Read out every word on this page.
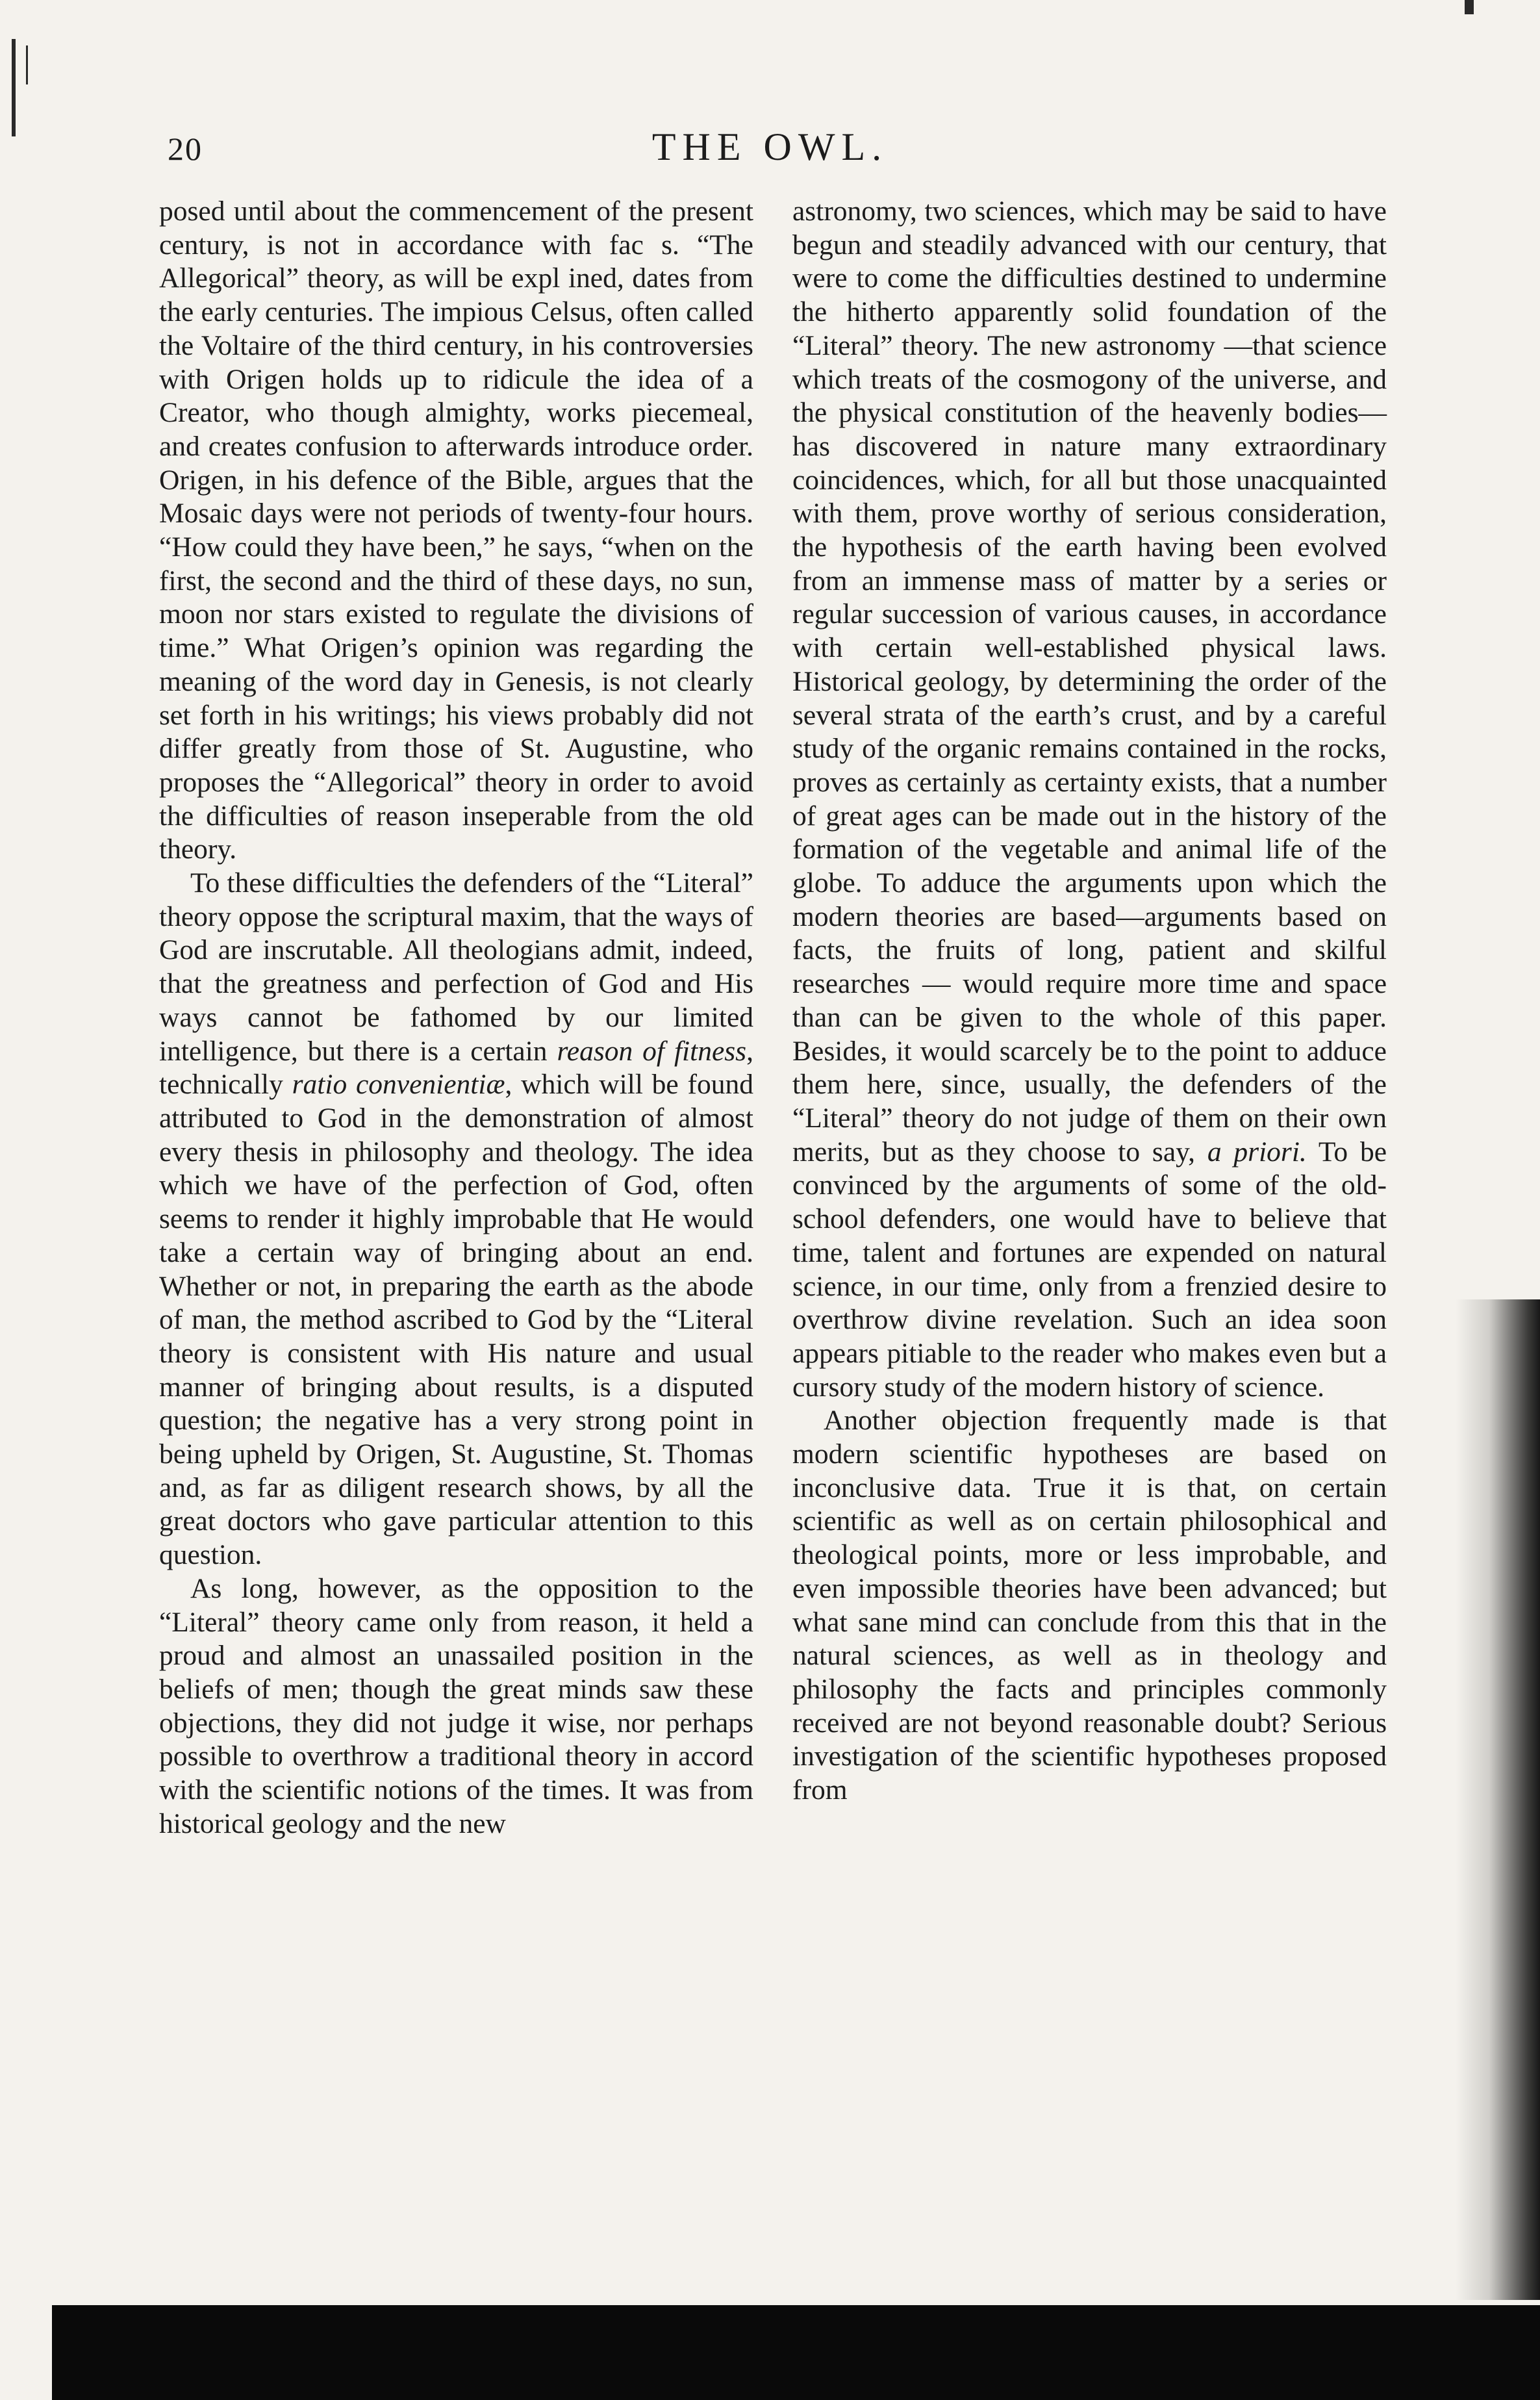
20	THE OWL.

posed until about the commencement of the present century, is not in accordance with fac s. “The Allegorical” theory, as will be expl ined, dates from the early centuries. The impious Celsus, often called the Voltaire of the third century, in his controversies with Origen holds up to ridicule the idea of a Creator, who though almighty, works piecemeal, and creates confusion to afterwards introduce order. Origen, in his defence of the Bible, argues that the Mosaic days were not periods of twenty-four hours. “How could they have been,” he says, “when on the first, the second and the third of these days, no sun, moon nor stars existed to regulate the divisions of time.” What Origen’s opinion was regarding the meaning of the word day in Genesis, is not clearly set forth in his writings; his views probably did not differ greatly from those of St. Augustine, who proposes the “Allegorical” theory in order to avoid the difficulties of reason inseperable from the old theory.

To these difficulties the defenders of the “Literal” theory oppose the scriptural maxim, that the ways of God are inscrutable. All theologians admit, indeed, that the greatness and perfection of God and His ways cannot be fathomed by our limited intelligence, but there is a certain reason of fitness, technically ratio convenientiæ, which will be found attributed to God in the demonstration of almost every thesis in philosophy and theology. The idea which we have of the perfection of God, often seems to render it highly improbable that He would take a certain way of bringing about an end. Whether or not, in preparing the earth as the abode of man, the method ascribed to God by the “Literal theory is consistent with His nature and usual manner of bringing about results, is a disputed question; the negative has a very strong point in being upheld by Origen, St. Augustine, St. Thomas and, as far as diligent research shows, by all the great doctors who gave particular attention to this question.

As long, however, as the opposition to the “Literal” theory came only from reason, it held a proud and almost an unassailed position in the beliefs of men; though the great minds saw these objections, they did not judge it wise, nor perhaps possible to overthrow a traditional theory in accord with the scientific notions of the times. It was from historical geology and the new

astronomy, two sciences, which may be said to have begun and steadily advanced with our century, that were to come the difficulties destined to undermine the hitherto apparently solid foundation of the “Literal” theory. The new astronomy —that science which treats of the cosmogony of the universe, and the physical constitution of the heavenly bodies—has discovered in nature many extraordinary coincidences, which, for all but those unacquainted with them, prove worthy of serious consideration, the hypothesis of the earth having been evolved from an immense mass of matter by a series or regular succession of various causes, in accordance with certain well-established physical laws. Historical geology, by determining the order of the several strata of the earth’s crust, and by a careful study of the organic remains contained in the rocks, proves as certainly as certainty exists, that a number of great ages can be made out in the history of the formation of the vegetable and animal life of the globe. To adduce the arguments upon which the modern theories are based—arguments based on facts, the fruits of long, patient and skilful researches — would require more time and space than can be given to the whole of this paper. Besides, it would scarcely be to the point to adduce them here, since, usually, the defenders of the “Literal” theory do not judge of them on their own merits, but as they choose to say, a priori. To be convinced by the arguments of some of the old-school defenders, one would have to believe that time, talent and fortunes are expended on natural science, in our time, only from a frenzied desire to overthrow divine revelation. Such an idea soon appears pitiable to the reader who makes even but a cursory study of the modern history of science.

Another objection frequently made is that modern scientific hypotheses are based on inconclusive data. True it is that, on certain scientific as well as on certain philosophical and theological points, more or less improbable, and even impossible theories have been advanced; but what sane mind can conclude from this that in the natural sciences, as well as in theology and philosophy the facts and principles commonly received are not beyond reasonable doubt? Serious investigation of the scientific hypotheses proposed from
